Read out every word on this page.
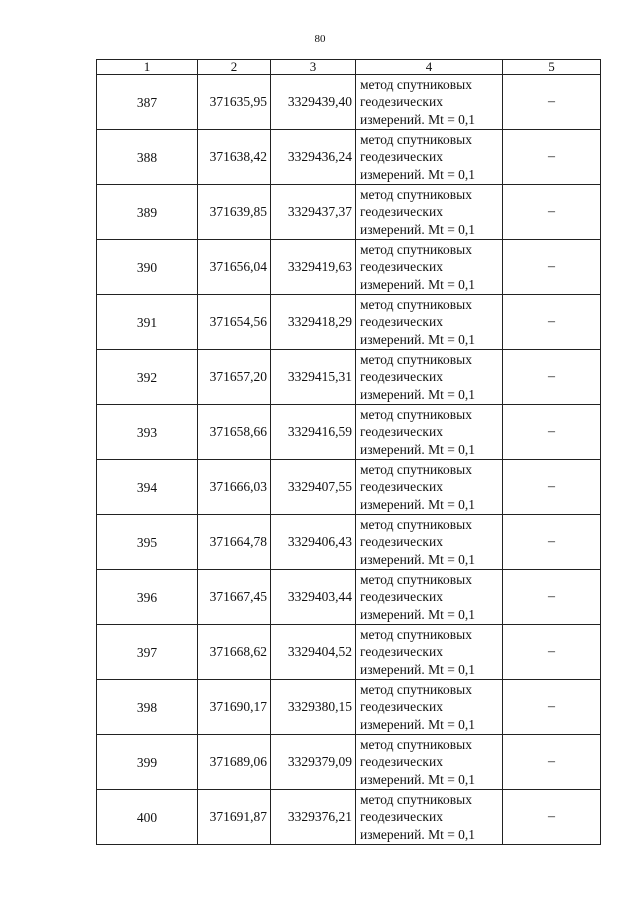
80
1	2	3	4	5
387	371635,95	3329439,40	метод спутниковых
геодезических
измерений. Mt = 0,1	–
388	371638,42	3329436,24	метод спутниковых
геодезических
измерений. Mt = 0,1	–
389	371639,85	3329437,37	метод спутниковых
геодезических
измерений. Mt = 0,1	–
390	371656,04	3329419,63	метод спутниковых
геодезических
измерений. Mt = 0,1	–
391	371654,56	3329418,29	метод спутниковых
геодезических
измерений. Mt = 0,1	–
392	371657,20	3329415,31	метод спутниковых
геодезических
измерений. Mt = 0,1	–
393	371658,66	3329416,59	метод спутниковых
геодезических
измерений. Mt = 0,1	–
394	371666,03	3329407,55	метод спутниковых
геодезических
измерений. Mt = 0,1	–
395	371664,78	3329406,43	метод спутниковых
геодезических
измерений. Mt = 0,1	–
396	371667,45	3329403,44	метод спутниковых
геодезических
измерений. Mt = 0,1	–
397	371668,62	3329404,52	метод спутниковых
геодезических
измерений. Mt = 0,1	–
398	371690,17	3329380,15	метод спутниковых
геодезических
измерений. Mt = 0,1	–
399	371689,06	3329379,09	метод спутниковых
геодезических
измерений. Mt = 0,1	–
400	371691,87	3329376,21	метод спутниковых
геодезических
измерений. Mt = 0,1	–
